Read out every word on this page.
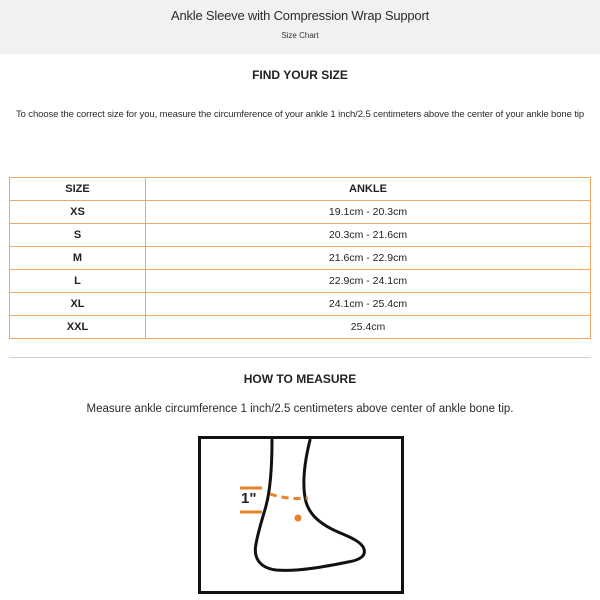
Ankle Sleeve with Compression Wrap Support
Size Chart
FIND YOUR SIZE
To choose the correct size for you, measure the circumference of your ankle 1 inch/2.5 centimeters above the center of your ankle bone tip
SIZE	ANKLE
XS	19.1cm - 20.3cm
S	20.3cm - 21.6cm
M	21.6cm - 22.9cm
L	22.9cm - 24.1cm
XL	24.1cm - 25.4cm
XXL	25.4cm
HOW TO MEASURE
Measure ankle circumference 1 inch/2.5 centimeters above center of ankle bone tip.
1"
